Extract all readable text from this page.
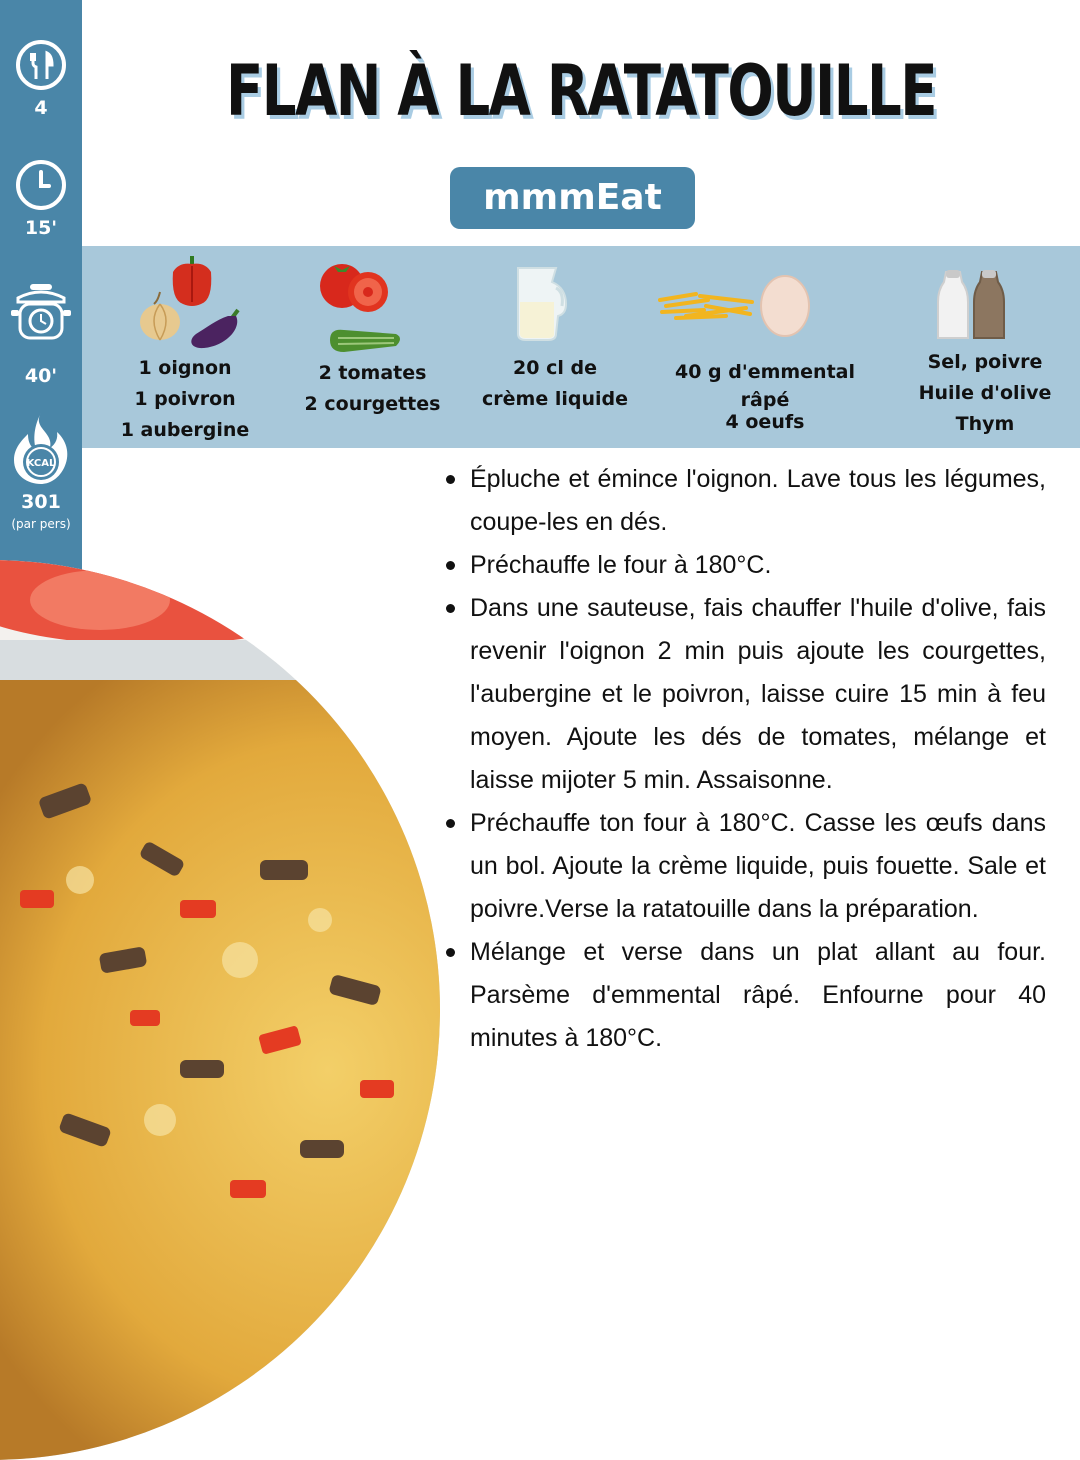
4
15'
40'
KCAL
301
(par pers)
FLAN À LA RATATOUILLE
mmmEat
1 oignon
1 poivron
1 aubergine
2 tomates
2 courgettes
20 cl de
crème liquide
40 g d'emmental
râpé
4 oeufs
Sel, poivre
Huile d'olive
Thym
Épluche et émince l'oignon. Lave tous les légumes, coupe-les en dés.
Préchauffe le four à 180°C.
Dans une sauteuse, fais chauffer l'huile d'olive, fais revenir l'oignon 2 min puis ajoute les courgettes, l'aubergine et le poivron, laisse cuire 15 min à feu moyen. Ajoute les dés de tomates, mélange et laisse mijoter 5 min. Assaisonne.
Préchauffe ton four à 180°C. Casse les œufs dans un bol. Ajoute la crème liquide, puis fouette. Sale et poivre.Verse la ratatouille dans la préparation.
Mélange et verse dans un plat allant au four. Parsème d'emmental râpé. Enfourne pour 40 minutes à 180°C.
